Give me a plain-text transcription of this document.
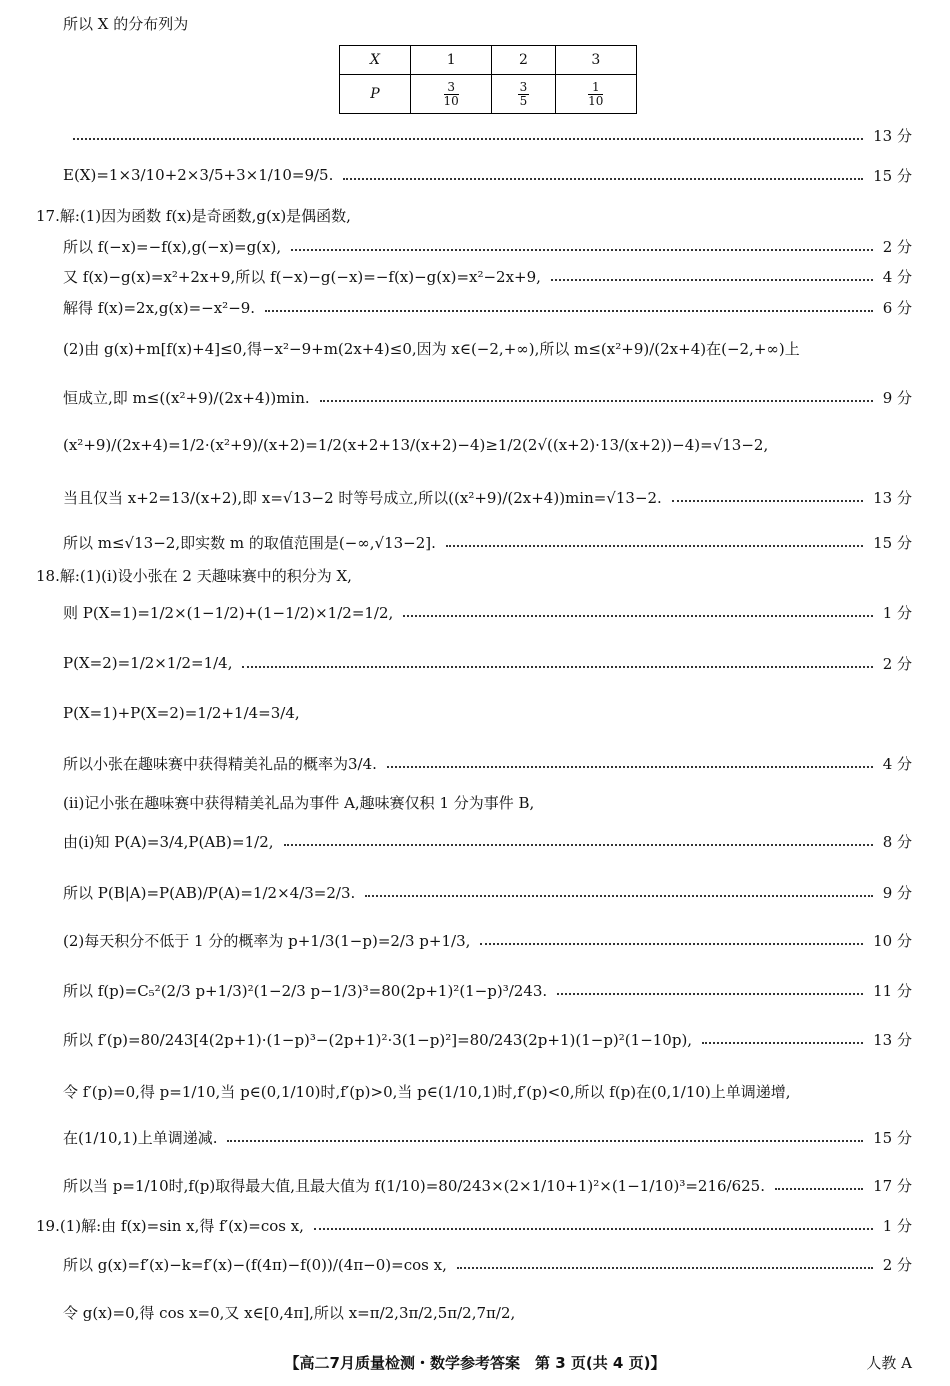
所以 X 的分布列为
X	1	2	3
P	$\frac{3}{10}$	$\frac{3}{5}$	$\frac{1}{10}$
13 分
E(X)=1×3/10+2×3/5+3×1/10=9/5.	15 分
17.解:(1)因为函数 f(x)是奇函数,g(x)是偶函数,
所以 f(−x)=−f(x),g(−x)=g(x),	2 分
又 f(x)−g(x)=x²+2x+9,所以 f(−x)−g(−x)=−f(x)−g(x)=x²−2x+9,	4 分
解得 f(x)=2x,g(x)=−x²−9.	6 分
(2)由 g(x)+m[f(x)+4]≤0,得−x²−9+m(2x+4)≤0,因为 x∈(−2,+∞),所以 m≤(x²+9)/(2x+4)在(−2,+∞)上
恒成立,即 m≤((x²+9)/(2x+4))min.	9 分
(x²+9)/(2x+4)=1/2·(x²+9)/(x+2)=1/2(x+2+13/(x+2)−4)≥1/2(2√((x+2)·13/(x+2))−4)=√13−2,
当且仅当 x+2=13/(x+2),即 x=√13−2 时等号成立,所以((x²+9)/(2x+4))min=√13−2.	13 分
所以 m≤√13−2,即实数 m 的取值范围是(−∞,√13−2].	15 分
18.解:(1)(ⅰ)设小张在 2 天趣味赛中的积分为 X,
则 P(X=1)=1/2×(1−1/2)+(1−1/2)×1/2=1/2,	1 分
P(X=2)=1/2×1/2=1/4,	2 分
P(X=1)+P(X=2)=1/2+1/4=3/4,
所以小张在趣味赛中获得精美礼品的概率为3/4.	4 分
(ⅱ)记小张在趣味赛中获得精美礼品为事件 A,趣味赛仅积 1 分为事件 B,
由(ⅰ)知 P(A)=3/4,P(AB)=1/2,	8 分
所以 P(B|A)=P(AB)/P(A)=1/2×4/3=2/3.	9 分
(2)每天积分不低于 1 分的概率为 p+1/3(1−p)=2/3 p+1/3,	10 分
所以 f(p)=C₅²(2/3 p+1/3)²(1−2/3 p−1/3)³=80(2p+1)²(1−p)³/243.	11 分
所以 f′(p)=80/243[4(2p+1)·(1−p)³−(2p+1)²·3(1−p)²]=80/243(2p+1)(1−p)²(1−10p),	13 分
令 f′(p)=0,得 p=1/10,当 p∈(0,1/10)时,f′(p)>0,当 p∈(1/10,1)时,f′(p)<0,所以 f(p)在(0,1/10)上单调递增,
在(1/10,1)上单调递减.	15 分
所以当 p=1/10时,f(p)取得最大值,且最大值为 f(1/10)=80/243×(2×1/10+1)²×(1−1/10)³=216/625.	17 分
19.(1)解:由 f(x)=sin x,得 f′(x)=cos x,	1 分
所以 g(x)=f′(x)−k=f′(x)−(f(4π)−f(0))/(4π−0)=cos x,	2 分
令 g(x)=0,得 cos x=0,又 x∈[0,4π],所以 x=π/2,3π/2,5π/2,7π/2,
【高二7月质量检测・数学参考答案　第 3 页(共 4 页)】	人教 A
